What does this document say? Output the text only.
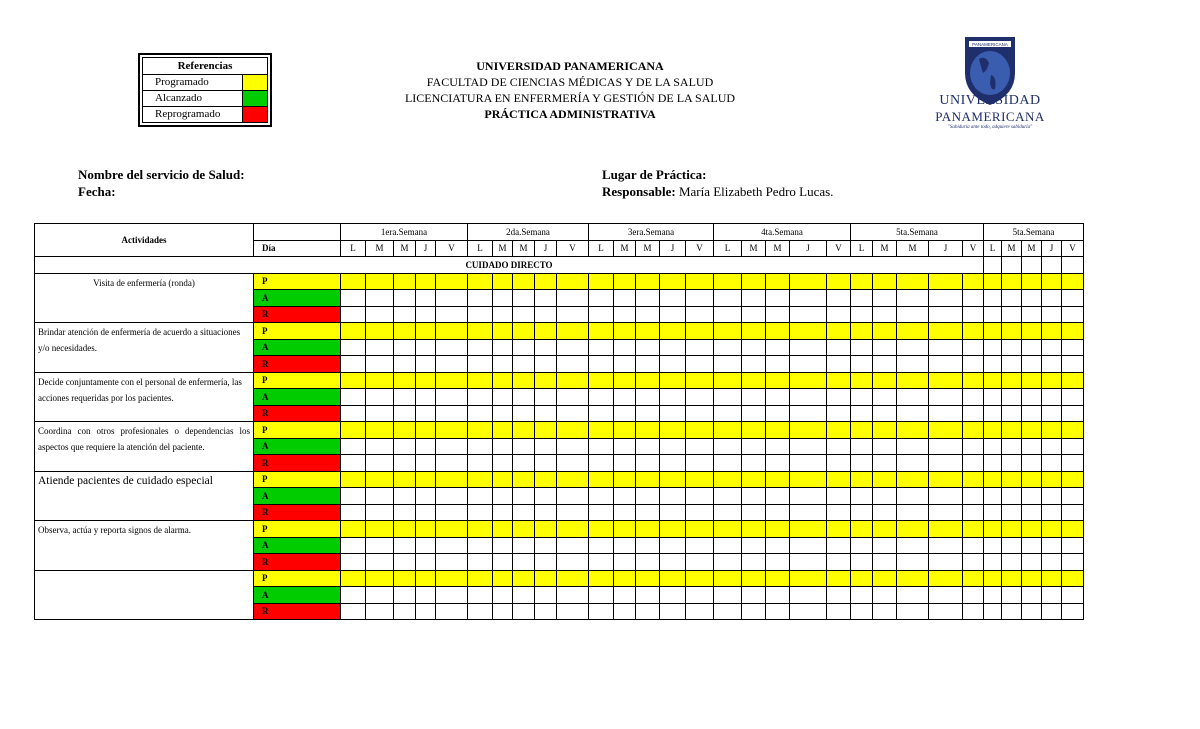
Referencias
Programado
Alcanzado
Reprogramado
UNIVERSIDAD PANAMERICANA
FACULTAD DE CIENCIAS MÉDICAS Y DE LA SALUD
LICENCIATURA EN ENFERMERÍA Y GESTIÓN DE LA SALUD
PRÁCTICA ADMINISTRATIVA
PANAMERICANA
UNIVERSIDAD
PANAMERICANA
"Sabiduría ante todo, adquiere sabiduría"
Nombre del servicio de Salud:
Fecha:
Lugar de Práctica:
Responsable: María Elizabeth Pedro Lucas.
Actividades		1era.Semana					2da.Semana					3era.Semana					4ta.Semana					5ta.Semana					5ta.Semana				
	Día	L	M	M	J	V	L	M	M	J	V	L	M	M	J	V	L	M	M	J	V	L	M	M	J	V	L	M	M	J	V
CUIDADO DIRECTO																															
Visita de enfermería (ronda)	P																														
	A																														
	R																														
Brindar atención de enfermería de acuerdo a situaciones y/o necesidades.	P																														
	A																														
	R																														
Decide conjuntamente con el personal de enfermería, las acciones requeridas por los pacientes.	P																														
	A																														
	R																														

Coordina con otros profesionales o dependencias los aspectos que requiere la atención del paciente.	P																														
	A																														
	R																														
Atiende pacientes de cuidado especial	P																														
	A																														
	R																														
Observa, actúa y reporta signos de alarma.	P																														
	A																														
	R																														
	P																														
	A																														
	R																														
